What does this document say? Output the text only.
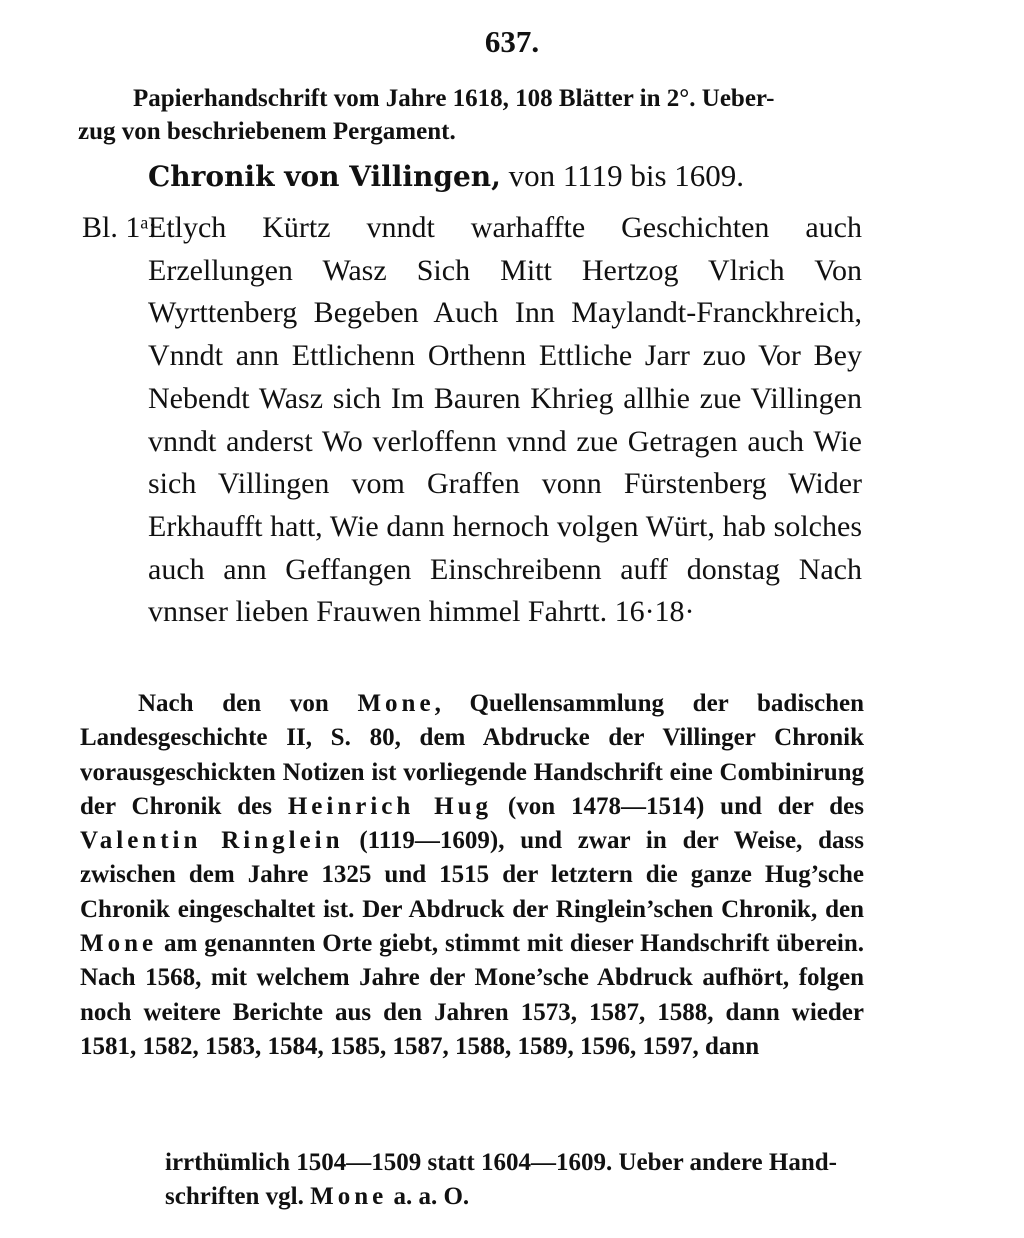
637.
Papierhandschrift vom Jahre 1618, 108 Blätter in 2°. Ueber-
zug von beschriebenem Pergament.
Chronik von Villingen, von 1119 bis 1609.
Bl. 1ᵃ:
Etlych Kürtz vnndt warhaffte Geschichten auch Erzellungen Wasz Sich Mitt Hertzog Vlrich Von Wyrttenberg Begeben Auch Inn Maylandt-Franckhreich, Vnndt ann Ettlichenn Orthenn Ettliche Jarr zuo Vor Bey Nebendt Wasz sich Im Bauren Khrieg allhie zue Villingen vnndt anderst Wo verloffenn vnnd zue Getragen auch Wie sich Villingen vom Graffen vonn Fürstenberg Wider Erkhaufft hatt, Wie dann hernoch volgen Würt, hab solches auch ann Geffangen Einschreibenn auff donstag Nach
vnnser lieben Frauwen himmel Fahrtt. 16·18·
Nach den von Mone, Quellensammlung der badischen Landesgeschichte II, S. 80, dem Abdrucke der Villinger Chronik vorausgeschickten Notizen ist vorliegende Handschrift eine Combinirung der Chronik des Heinrich Hug (von 1478—1514) und der des Valentin Ringlein (1119—1609), und zwar in der Weise, dass zwischen dem Jahre 1325 und 1515 der letztern die ganze Hug’sche Chronik eingeschaltet ist. Der Abdruck der Ringlein’schen Chronik, den Mone am genannten Orte giebt, stimmt mit dieser Handschrift überein. Nach 1568, mit welchem Jahre der Mone’sche Abdruck aufhört, folgen noch weitere Berichte aus den Jahren 1573, 1587, 1588, dann wieder 1581, 1582, 1583, 1584, 1585, 1587, 1588, 1589, 1596, 1597, dann
irrthümlich 1504—1509 statt 1604—1609. Ueber andere Hand-
schriften vgl. Mone a. a. O.
